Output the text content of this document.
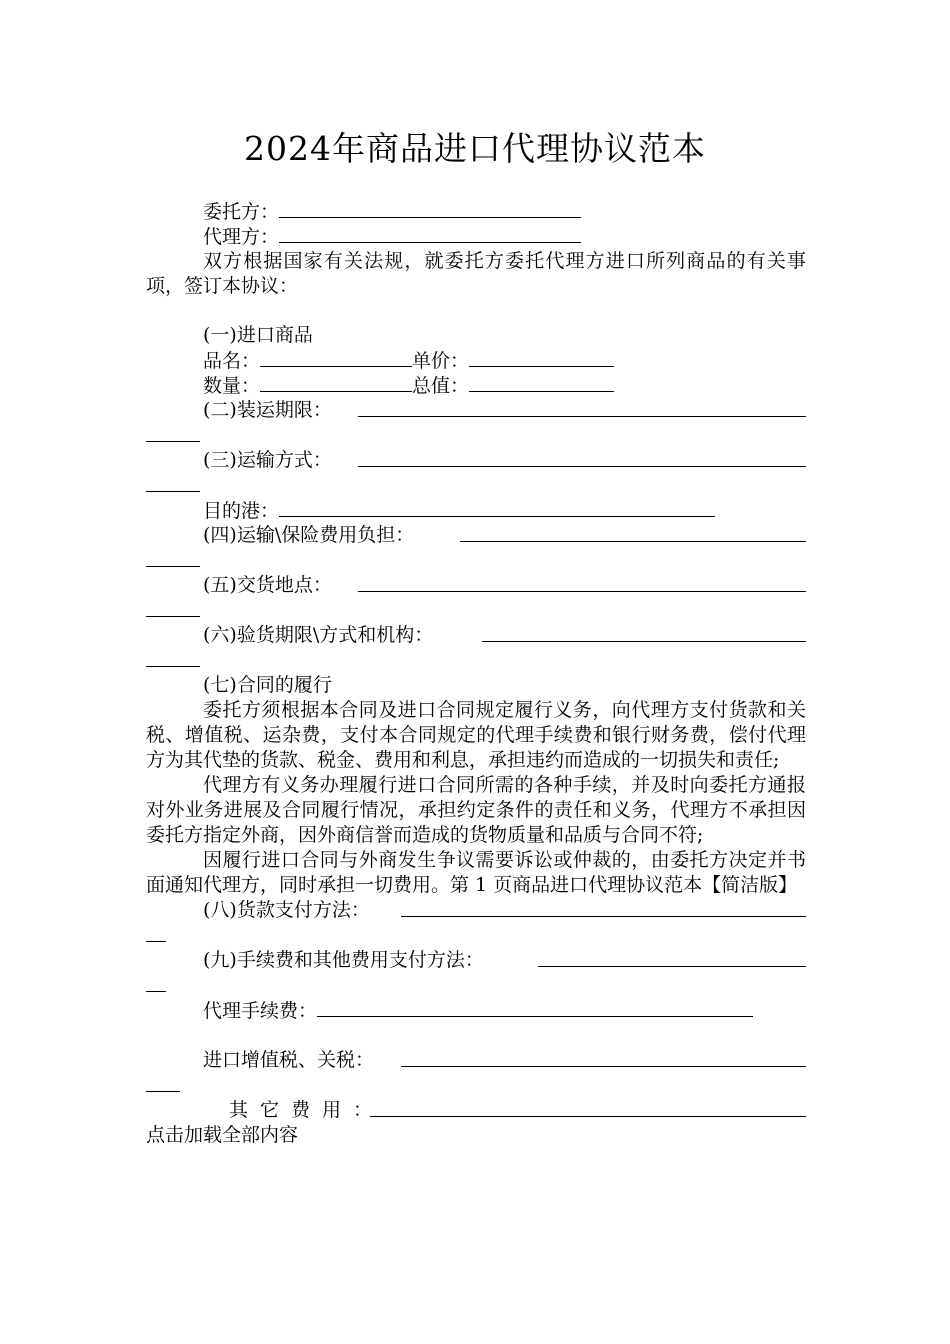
2024年商品进口代理协议范本
委托方：
代理方：
双方根据国家有关法规，就委托方委托代理方进口所列商品的有关事项，签订本协议：
(一)进口商品
品名：	单价：
数量：	总值：
(二)装运期限：
(三)运输方式：
目的港：
(四)运输\保险费用负担：
(五)交货地点：
(六)验货期限\方式和机构：
(七)合同的履行
委托方须根据本合同及进口合同规定履行义务，向代理方支付货款和关税、增值税、运杂费，支付本合同规定的代理手续费和银行财务费，偿付代理方为其代垫的货款、税金、费用和利息，承担违约而造成的一切损失和责任;
代理方有义务办理履行进口合同所需的各种手续，并及时向委托方通报对外业务进展及合同履行情况，承担约定条件的责任和义务，代理方不承担因委托方指定外商，因外商信誉而造成的货物质量和品质与合同不符;
因履行进口合同与外商发生争议需要诉讼或仲裁的，由委托方决定并书面通知代理方，同时承担一切费用。第 1 页商品进口代理协议范本【简洁版】
(八)货款支付方法：
(九)手续费和其他费用支付方法：
代理手续费：
进口增值税、关税：
其它费用：
点击加载全部内容
